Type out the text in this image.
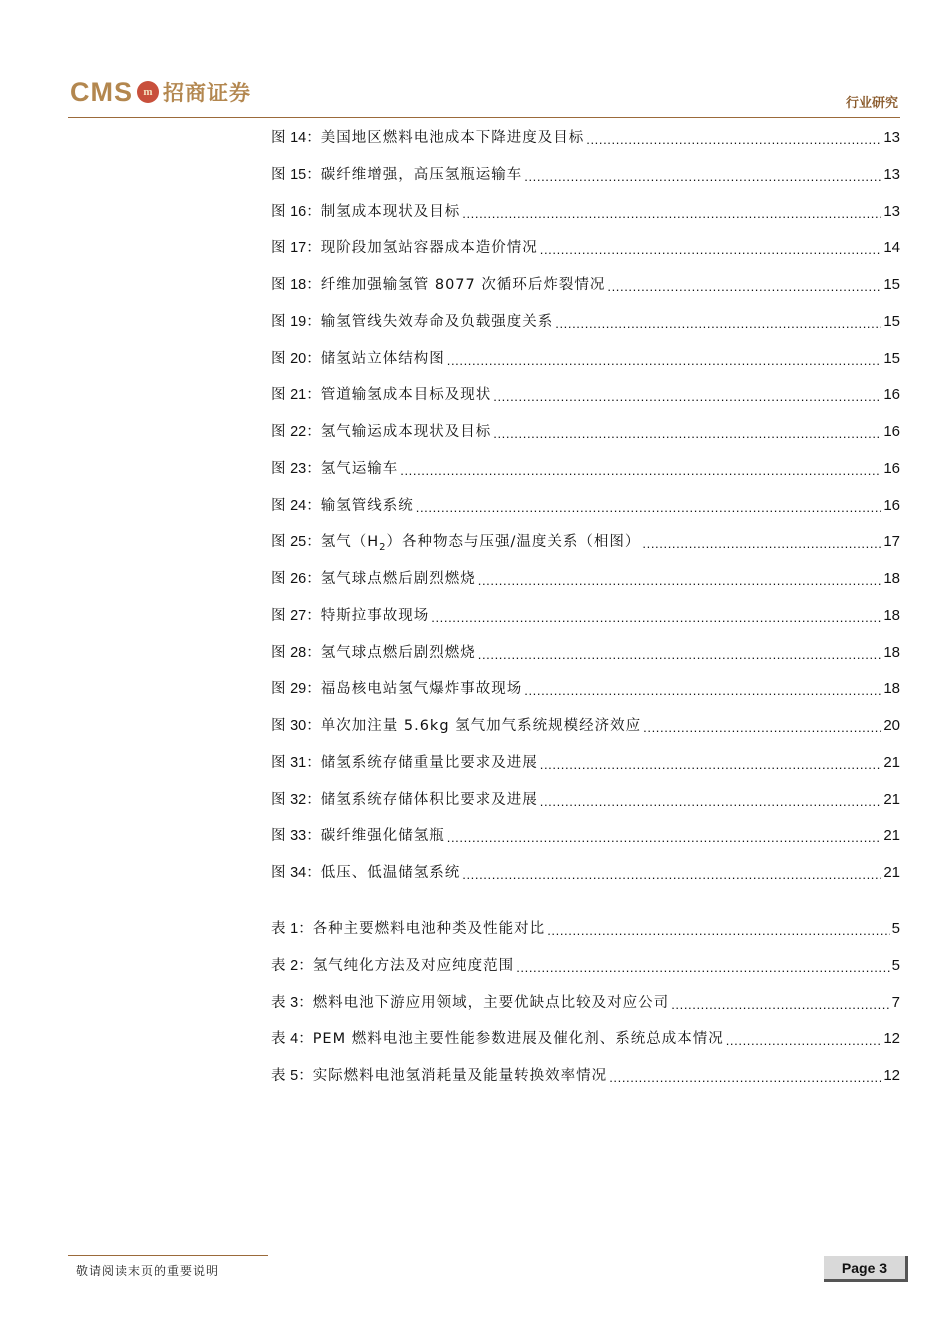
CMS m 招商证券	行业研究
图 14： 美国地区燃料电池成本下降进度及目标 .....	13
图 15： 碳纤维增强，高压氢瓶运输车 .....	13
图 16： 制氢成本现状及目标 .....	13
图 17： 现阶段加氢站容器成本造价情况 .....	14
图 18： 纤维加强输氢管 8077 次循环后炸裂情况 .....	15
图 19： 输氢管线失效寿命及负载强度关系 .....	15
图 20： 储氢站立体结构图 .....	15
图 21： 管道输氢成本目标及现状 .....	16
图 22： 氢气输运成本现状及目标 .....	16
图 23： 氢气运输车 .....	16
图 24： 输氢管线系统 .....	16
图 25： 氢气$(H_2)$各种物态与压强/温度关系（相图） .....	17
图 26： 氢气球点燃后剧烈燃烧 .....	18
图 27： 特斯拉事故现场 .....	18
图 28： 氢气球点燃后剧烈燃烧 .....	18
图 29： 福岛核电站氢气爆炸事故现场 .....	18
图 30： 单次加注量 5.6kg 氢气加气系统规模经济效应 .....	20
图 31： 储氢系统存储重量比要求及进展 .....	21
图 32： 储氢系统存储体积比要求及进展 .....	21
图 33： 碳纤维强化储氢瓶 .....	21
图 34： 低压、低温储氢系统 .....	21
表 1： 各种主要燃料电池种类及性能对比 .....	5
表 2： 氢气纯化方法及对应纯度范围 .....	5
表 3： 燃料电池下游应用领域，主要优缺点比较及对应公司 .....	7
表 4： PEM 燃料电池主要性能参数进展及催化剂、系统总成本情况 .....	12
表 5： 实际燃料电池氢消耗量及能量转换效率情况 .....	12
敬请阅读末页的重要说明	Page 3
